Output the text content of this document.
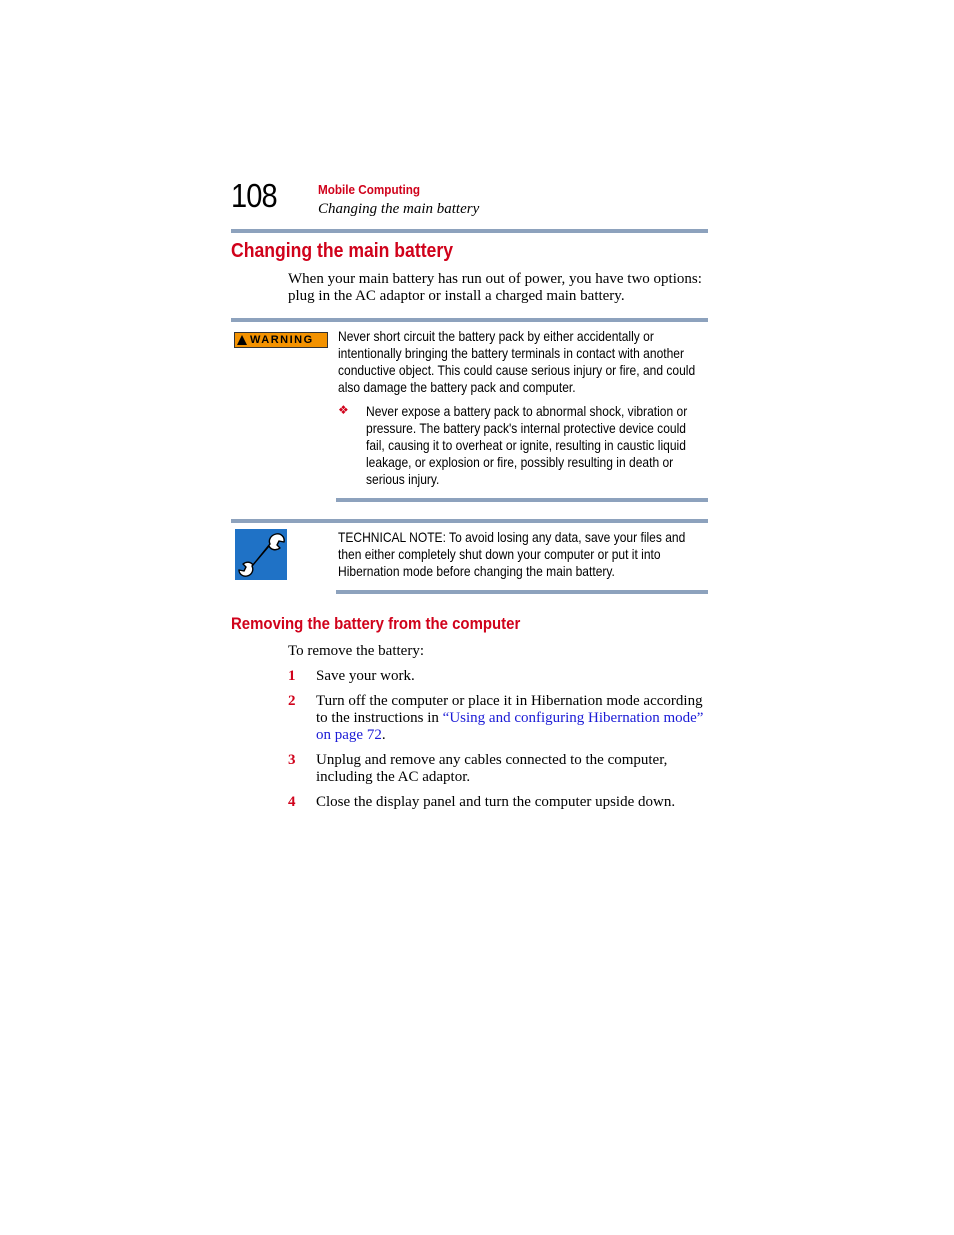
108	Mobile Computing
Changing the main battery
Changing the main battery
When your main battery has run out of power, you have two options: plug in the AC adaptor or install a charged main battery.
WARNING Never short circuit the battery pack by either accidentally or intentionally bringing the battery terminals in contact with another conductive object. This could cause serious injury or fire, and could also damage the battery pack and computer.
❖ Never expose a battery pack to abnormal shock, vibration or pressure. The battery pack's internal protective device could fail, causing it to overheat or ignite, resulting in caustic liquid leakage, or explosion or fire, possibly resulting in death or serious injury.
TECHNICAL NOTE: To avoid losing any data, save your files and then either completely shut down your computer or put it into Hibernation mode before changing the main battery.
Removing the battery from the computer
To remove the battery:
1 Save your work.
2 Turn off the computer or place it in Hibernation mode according to the instructions in “Using and configuring Hibernation mode” on page 72.
3 Unplug and remove any cables connected to the computer, including the AC adaptor.
4 Close the display panel and turn the computer upside down.
